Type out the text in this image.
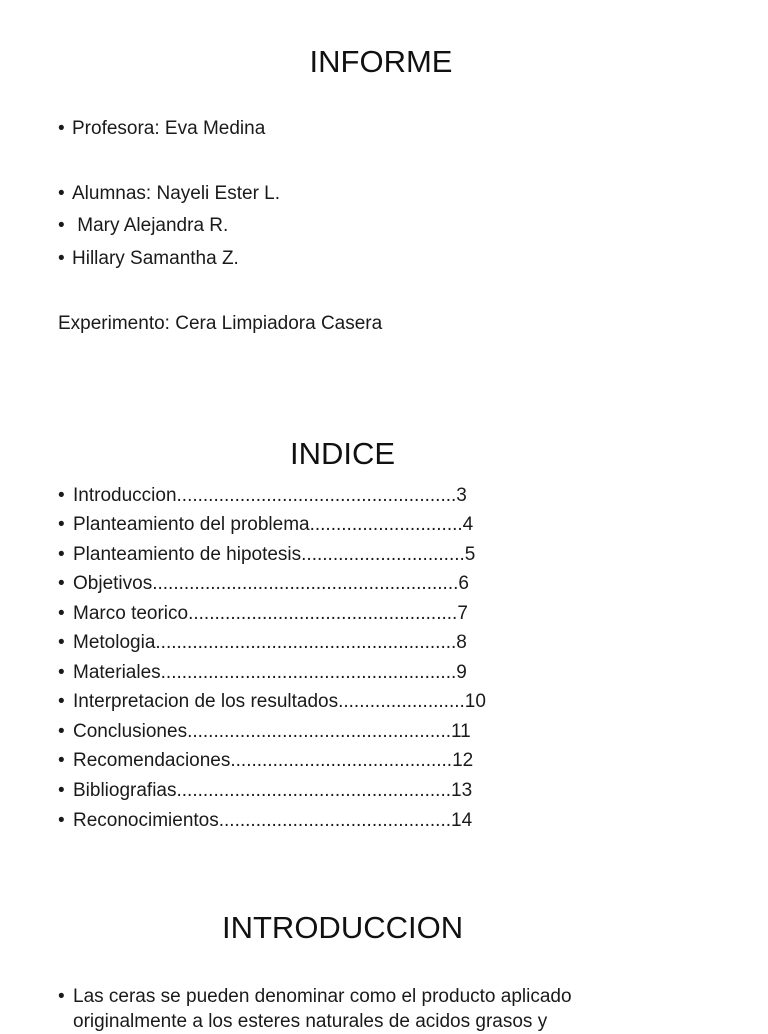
INFORME
• Profesora: Eva Medina
• Alumnas: Nayeli Ester L.
• Mary Alejandra R.
• Hillary Samantha Z.
Experimento: Cera Limpiadora Casera
INDICE
• Introduccion.....................................................3
• Planteamiento del problema.............................4
• Planteamiento de hipotesis...............................5
• Objetivos..........................................................6
• Marco teorico...................................................7
• Metologia.........................................................8
• Materiales........................................................9
• Interpretacion de los resultados........................10
• Conclusiones..................................................11
• Recomendaciones..........................................12
• Bibliografias....................................................13
• Reconocimientos............................................14
INTRODUCCION
• Las ceras se pueden denominar como el producto aplicado
originalmente a los esteres naturales de acidos grasos y
